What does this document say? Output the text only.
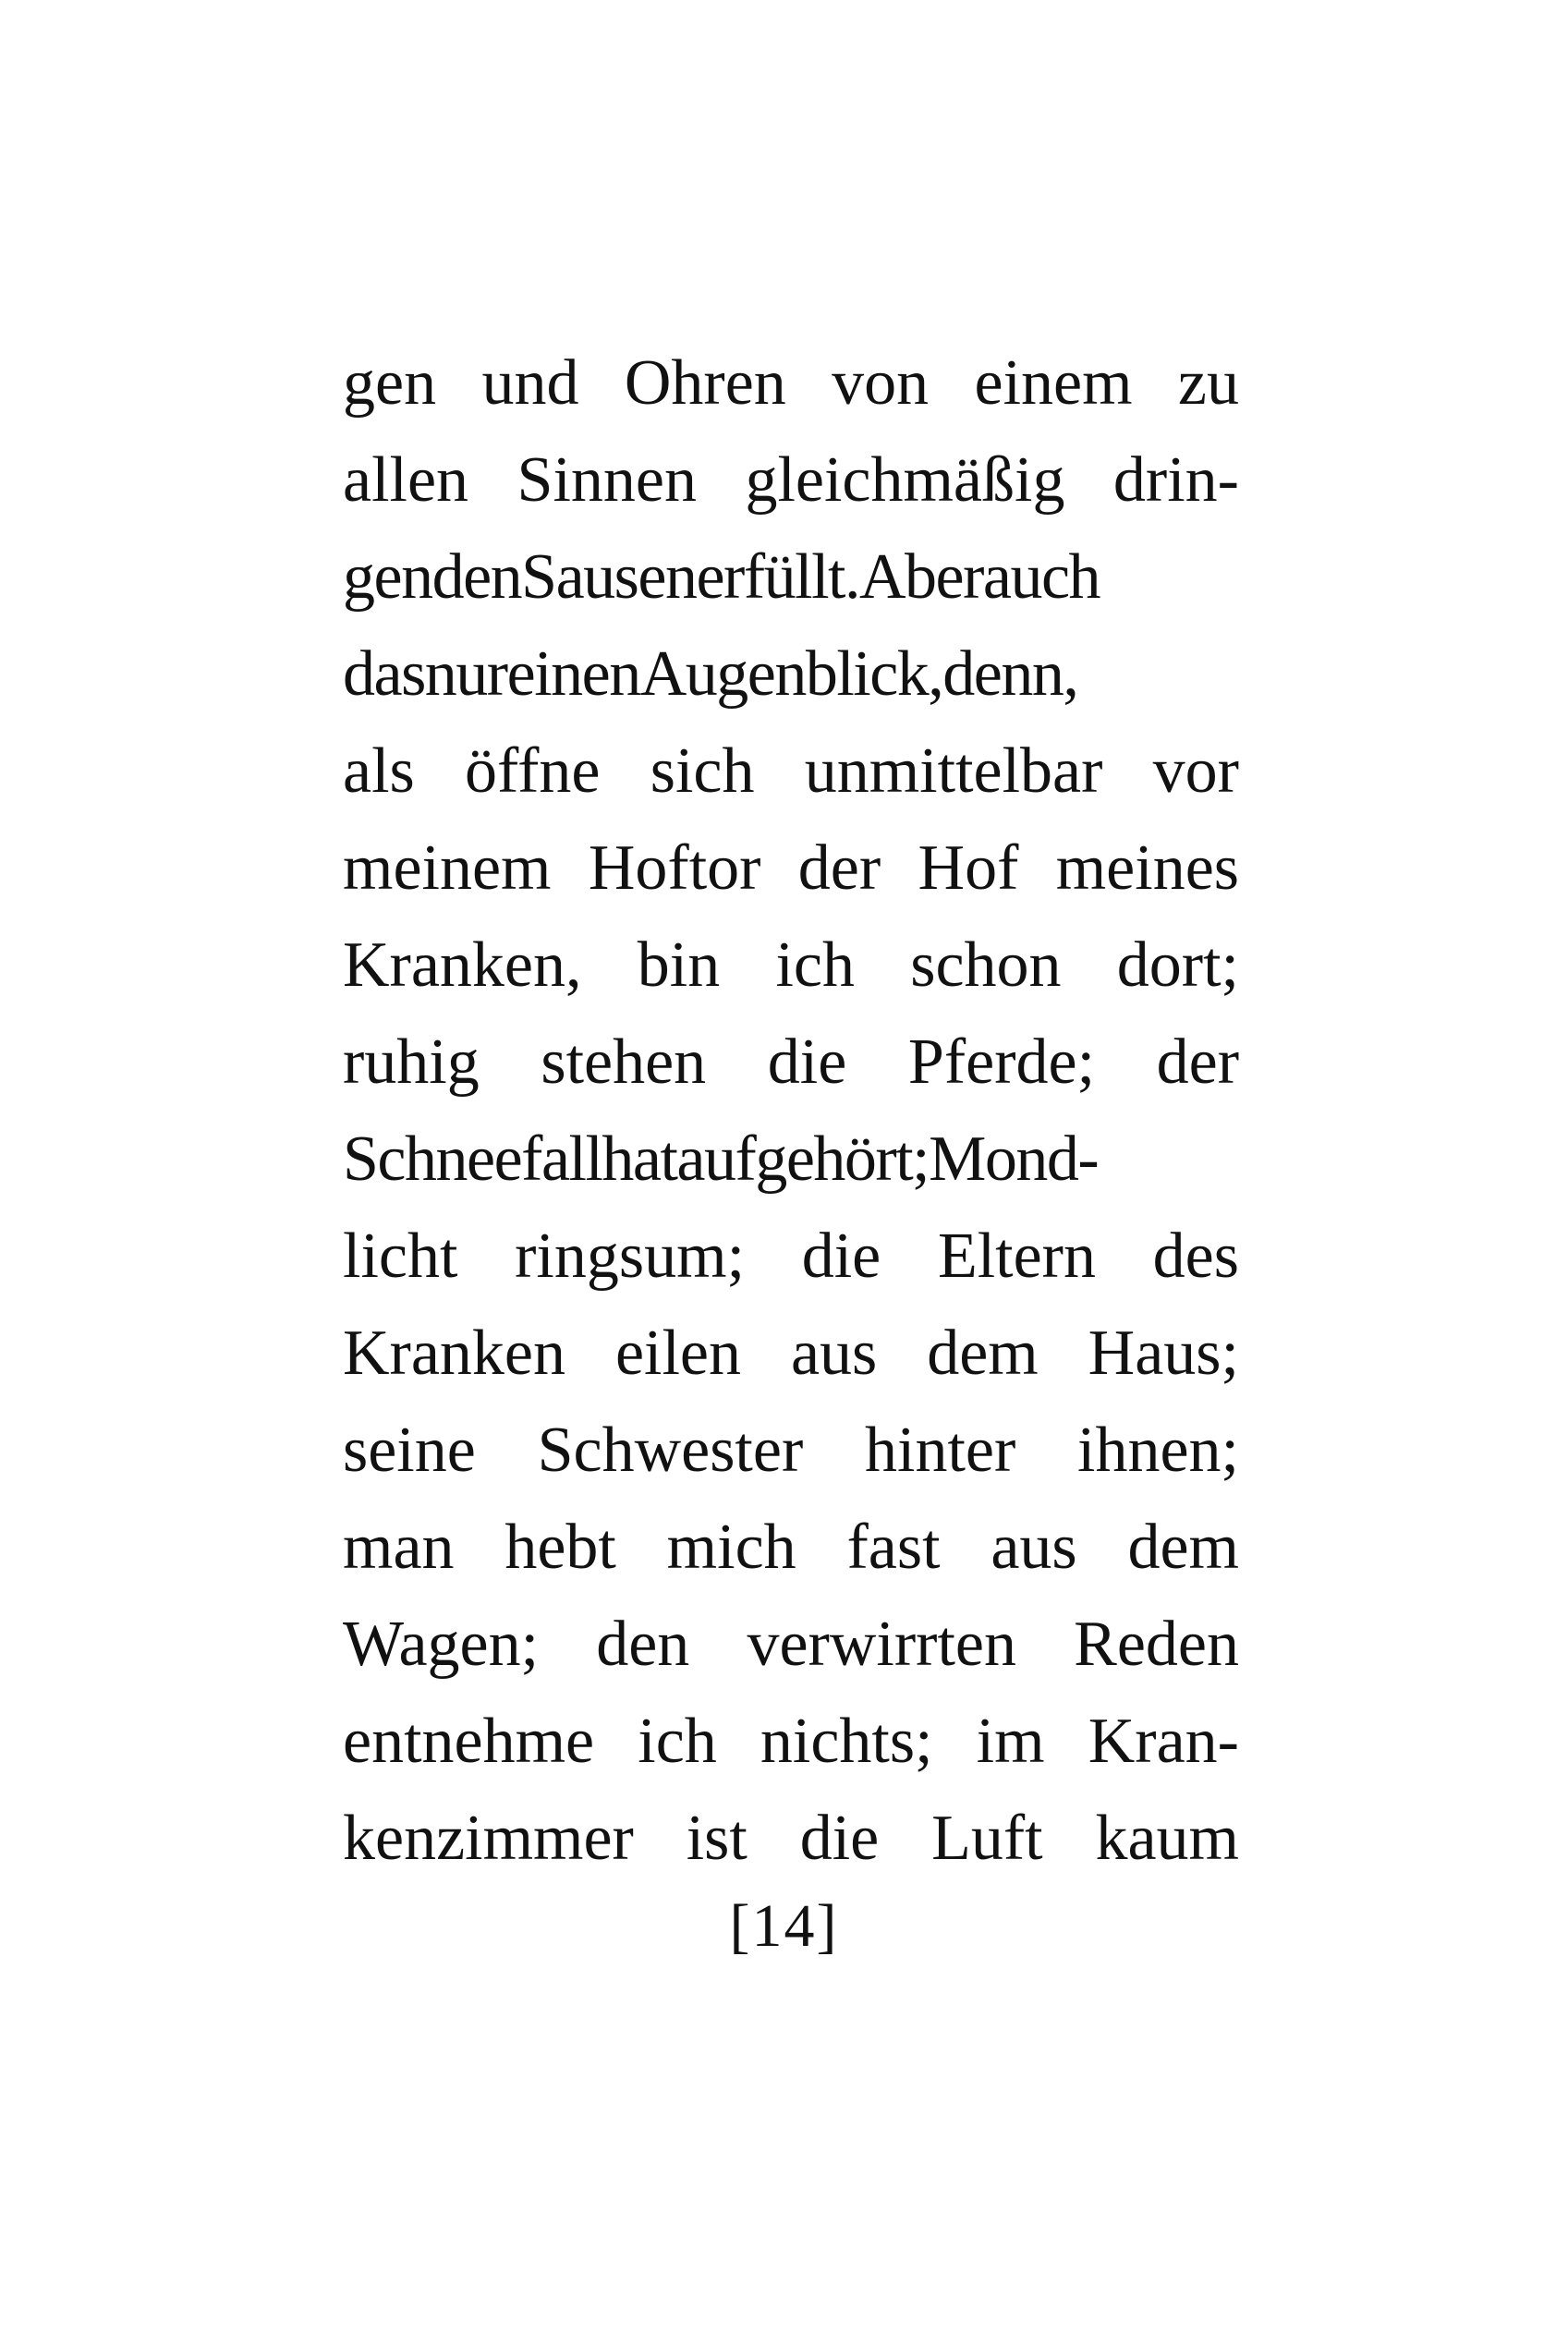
gen und Ohren von einem zu
allen Sinnen gleichmäßig drin-
gendenSausenerfüllt.Aberauch
dasnureinenAugenblick,denn,
als öffne sich unmittelbar vor
meinem Hoftor der Hof meines
Kranken, bin ich schon dort;
ruhig stehen die Pferde; der
Schneefallhataufgehört;Mond-
licht ringsum; die Eltern des
Kranken eilen aus dem Haus;
seine Schwester hinter ihnen;
man hebt mich fast aus dem
Wagen; den verwirrten Reden
entnehme ich nichts; im Kran-
kenzimmer ist die Luft kaum
[14]
